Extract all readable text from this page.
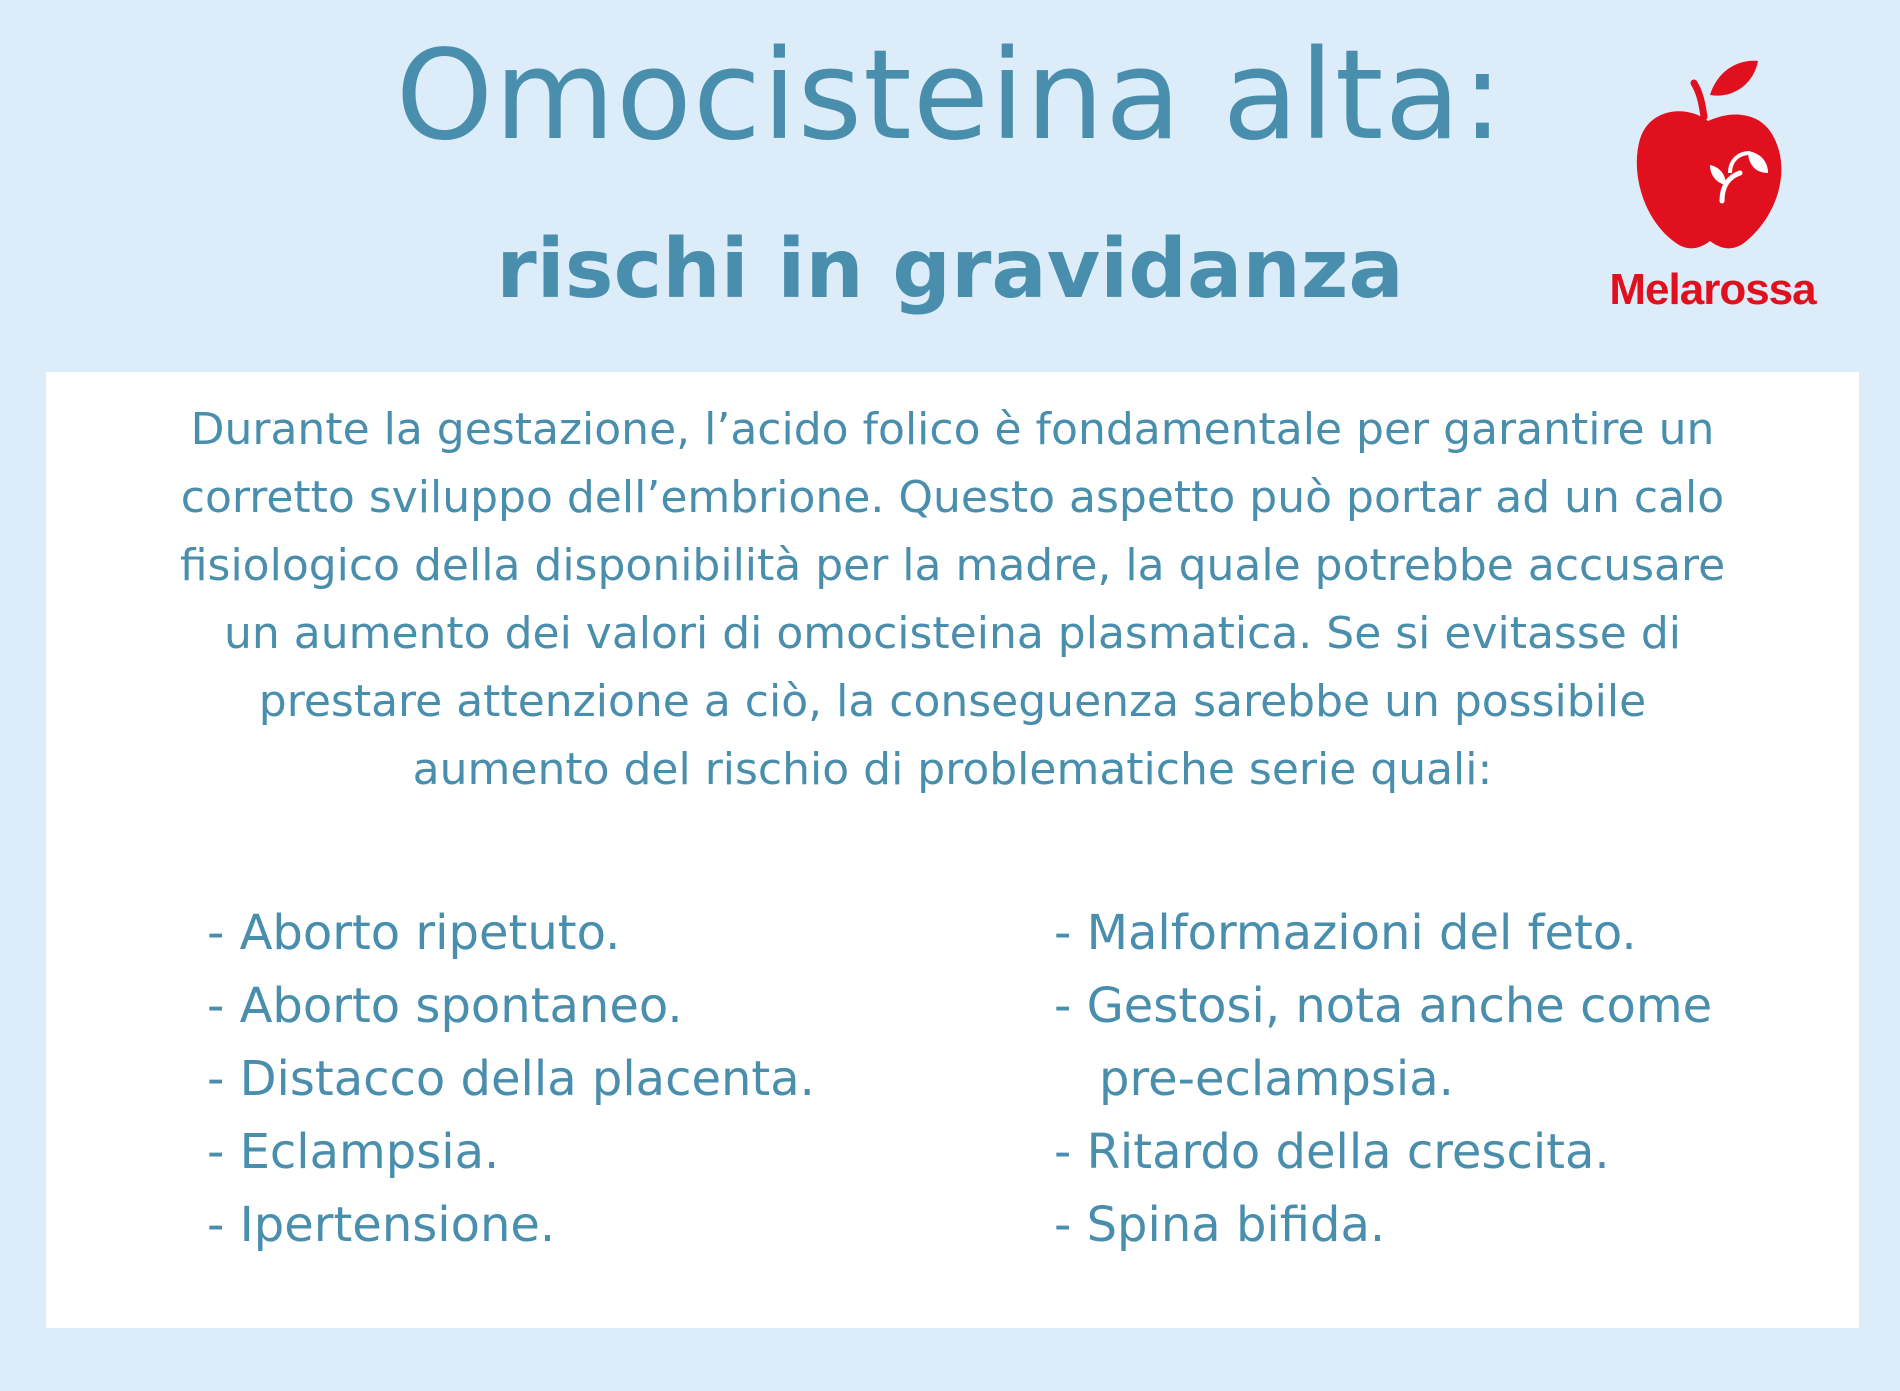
Omocisteina alta:
rischi in gravidanza	Melarossa

Durante la gestazione, l’acido folico è fondamentale per garantire un corretto sviluppo dell’embrione. Questo aspetto può portar ad un calo fisiologico della disponibilità per la madre, la quale potrebbe accusare un aumento dei valori di omocisteina plasmatica. Se si evitasse di prestare attenzione a ciò, la conseguenza sarebbe un possibile aumento del rischio di problematiche serie quali:

- Aborto ripetuto.
- Aborto spontaneo.
- Distacco della placenta.
- Eclampsia.
- Ipertensione.
- Malformazioni del feto.
- Gestosi, nota anche come
pre-eclampsia.
- Ritardo della crescita.
- Spina bifida.
